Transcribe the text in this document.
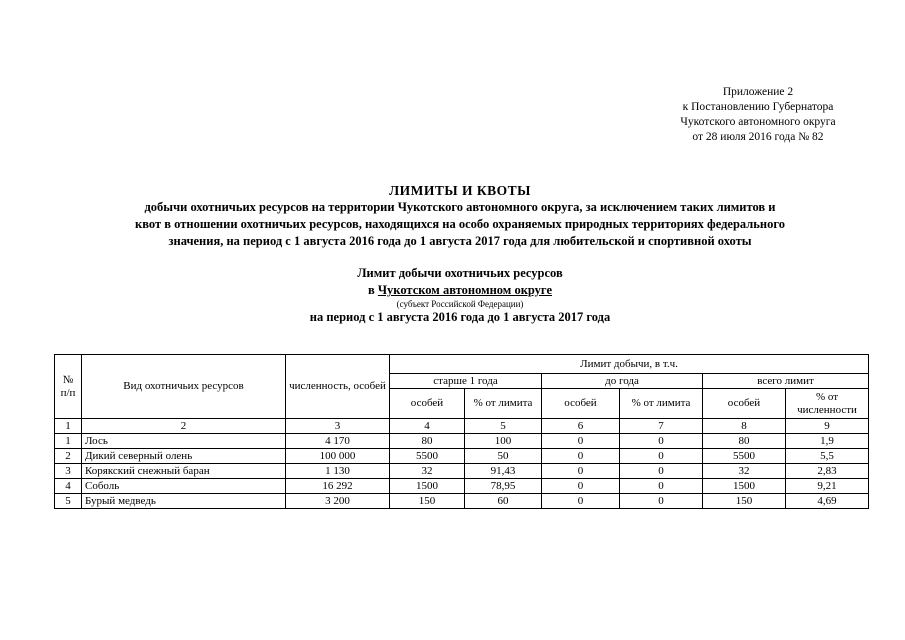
Приложение 2
к Постановлению Губернатора
Чукотского автономного округа
от 28 июля 2016 года № 82
ЛИМИТЫ И КВОТЫ
добычи охотничьих ресурсов на территории Чукотского автономного округа, за исключением таких лимитов и
квот в отношении охотничьих ресурсов, находящихся на особо охраняемых природных территориях федерального
значения, на период с 1 августа 2016 года до 1 августа 2017 года для любительской и спортивной охоты
Лимит добычи охотничьих ресурсов
в Чукотском автономном округе
(субъект Российской Федерации)
на период с 1 августа 2016 года до 1 августа 2017 года
№ п/п	Вид охотничьих ресурсов	численность, особей	Лимит добычи, в т.ч.					
			старше 1 года		до года		всего лимит	
			особей	% от лимита	особей	% от лимита	особей	% от численности
1	2	3	4	5	6	7	8	9
1	Лось	4 170	80	100	0	0	80	1,9
2	Дикий северный олень	100 000	5500	50	0	0	5500	5,5
3	Корякский снежный баран	1 130	32	91,43	0	0	32	2,83
4	Соболь	16 292	1500	78,95	0	0	1500	9,21
5	Бурый медведь	3 200	150	60	0	0	150	4,69
